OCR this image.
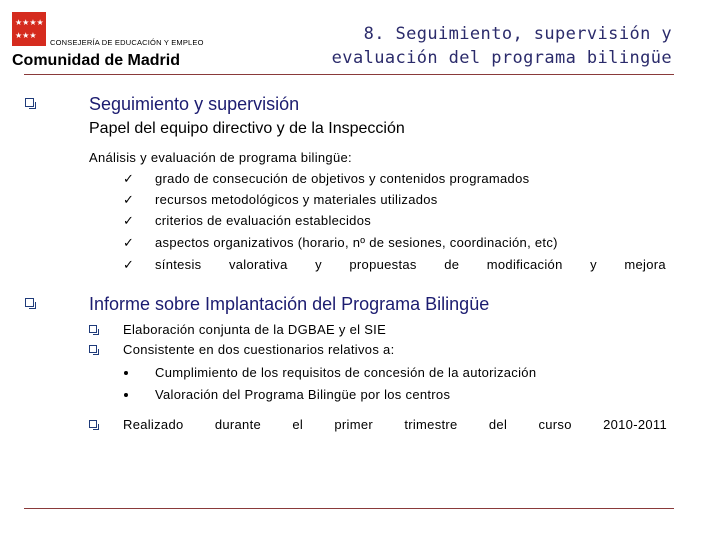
★ ★ ★ ★
★ ★ ★
CONSEJERÍA DE EDUCACIÓN Y EMPLEO
Comunidad de Madrid
8. Seguimiento, supervisión y
evaluación del programa bilingüe
Seguimiento y supervisión
Papel del equipo directivo y de la Inspección
Análisis y evaluación de programa bilingüe:
✓ grado de consecución de objetivos y contenidos programados
✓ recursos metodológicos y materiales utilizados
✓ criterios de evaluación establecidos
✓ aspectos organizativos (horario, nº de sesiones, coordinación, etc)
✓ síntesis valorativa y propuestas de modificación y mejora
Informe sobre Implantación del Programa Bilingüe
Elaboración conjunta de la DGBAE y el SIE
Consistente en dos cuestionarios relativos a:
Cumplimiento de los requisitos de concesión de la autorización
Valoración del Programa Bilingüe por los centros
Realizado durante el primer trimestre del curso 2010-2011
